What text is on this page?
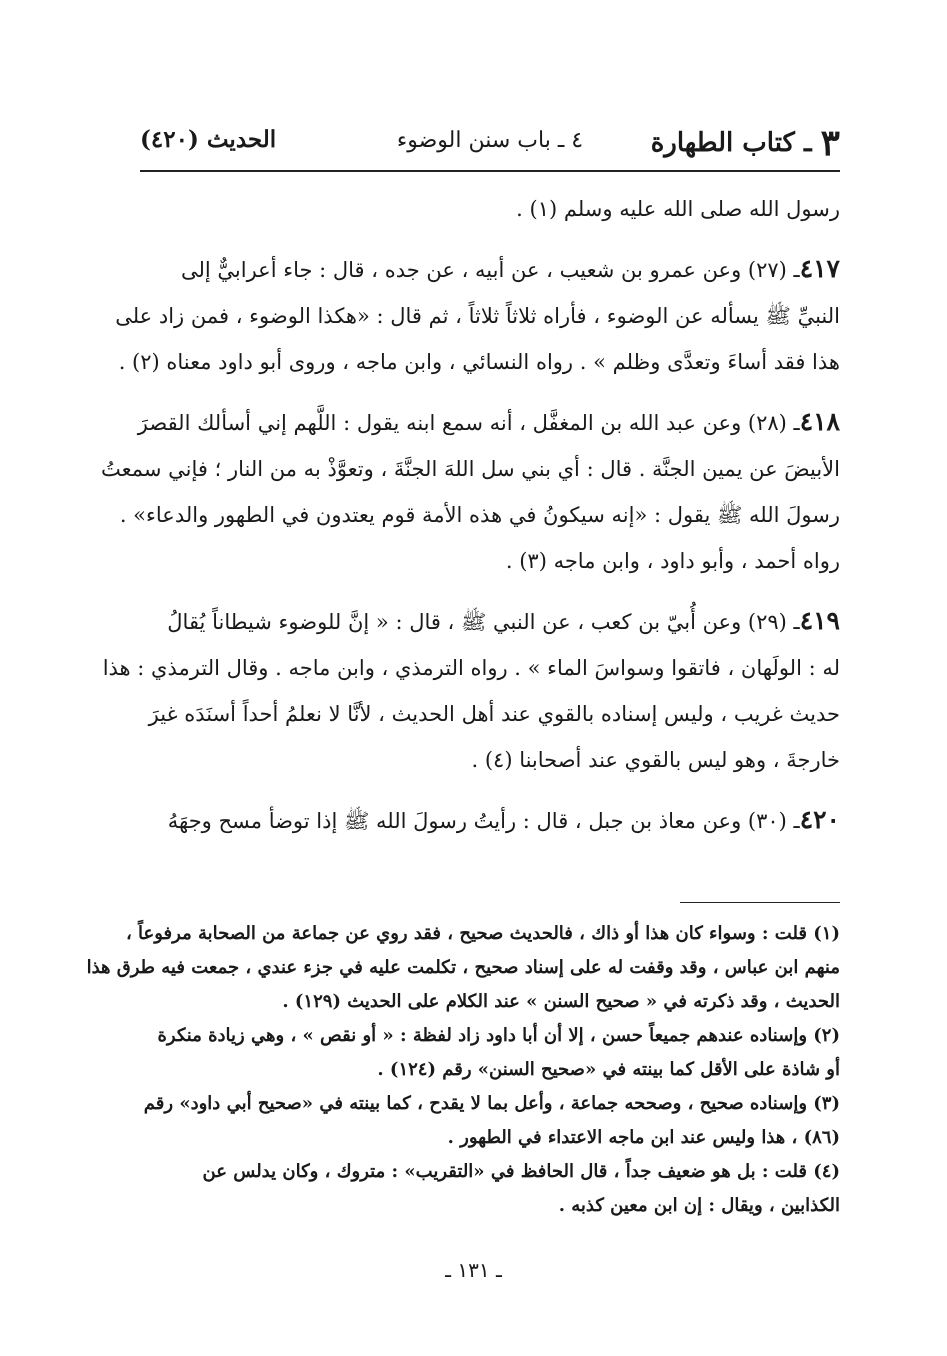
٣ ـ كتاب الطهارة
٤ ـ باب سنن الوضوء
الحديث (٤٢٠)
رسول الله صلى الله عليه وسلم (١) .
٤١٧ـ (٢٧) وعن عمرو بن شعيب ، عن أبيه ، عن جده ، قال : جاء أعرابيٌّ إلى
النبيِّ ﷺ يسأله عن الوضوء ، فأراه ثلاثاً ثلاثاً ، ثم قال : «هكذا الوضوء ، فمن زاد على
هذا فقد أساءَ وتعدَّى وظلم » . رواه النسائي ، وابن ماجه ، وروى أبو داود معناه (٢) .
٤١٨ـ (٢٨) وعن عبد الله بن المغفَّل ، أنه سمع ابنه يقول : اللَّهم إني أسألك القصرَ
الأبيضَ عن يمين الجنَّة . قال : أي بني سل اللهَ الجنَّةَ ، وتعوَّذْ به من النار ؛ فإني سمعتُ
رسولَ الله ﷺ يقول : «إنه سيكونُ في هذه الأمة قوم يعتدون في الطهور والدعاء» .
رواه أحمد ، وأبو داود ، وابن ماجه (٣) .
٤١٩ـ (٢٩) وعن أُبيّ بن كعب ، عن النبي ﷺ ، قال : « إنَّ للوضوء شيطاناً يُقالُ
له : الولَهان ، فاتقوا وسواسَ الماء » . رواه الترمذي ، وابن ماجه . وقال الترمذي : هذا
حديث غريب ، وليس إسناده بالقوي عند أهل الحديث ، لأنَّا لا نعلمُ أحداً أسنَدَه غيرَ
خارجةَ ، وهو ليس بالقوي عند أصحابنا (٤) .
٤٢٠ـ (٣٠) وعن معاذ بن جبل ، قال : رأيتُ رسولَ الله ﷺ إذا توضأ مسح وجهَهُ
(١) قلت : وسواء كان هذا أو ذاك ، فالحديث صحيح ، فقد روي عن جماعة من الصحابة مرفوعاً ،
منهم ابن عباس ، وقد وقفت له على إسناد صحيح ، تكلمت عليه في جزء عندي ، جمعت فيه طرق هذا
الحديث ، وقد ذكرته في « صحيح السنن » عند الكلام على الحديث (١٢٩) .
(٢) وإسناده عندهم جميعاً حسن ، إلا أن أبا داود زاد لفظة : « أو نقص » ، وهي زيادة منكرة
أو شاذة على الأقل كما بينته في «صحيح السنن» رقم (١٢٤) .
(٣) وإسناده صحيح ، وصححه جماعة ، وأعل بما لا يقدح ، كما بينته في «صحيح أبي داود» رقم
(٨٦) ، هذا وليس عند ابن ماجه الاعتداء في الطهور .
(٤) قلت : بل هو ضعيف جداً ، قال الحافظ في «التقريب» : متروك ، وكان يدلس عن
الكذابين ، ويقال : إن ابن معين كذبه .
ـ ١٣١ ـ
